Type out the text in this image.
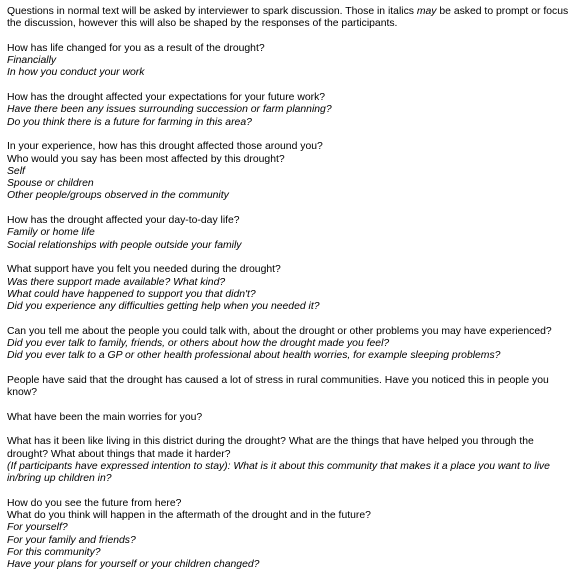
Questions in normal text will be asked by interviewer to spark discussion. Those in italics may be asked to prompt or focus the discussion, however this will also be shaped by the responses of the participants.

How has life changed for you as a result of the drought?
Financially
In how you conduct your work
How has the drought affected your expectations for your future work?
Have there been any issues surrounding succession or farm planning?
Do you think there is a future for farming in this area?
In your experience, how has this drought affected those around you?
Who would you say has been most affected by this drought?
Self
Spouse or children
Other people/groups observed in the community
How has the drought affected your day-to-day life?
Family or home life
Social relationships with people outside your family
What support have you felt you needed during the drought?
Was there support made available? What kind?
What could have happened to support you that didn't?
Did you experience any difficulties getting help when you needed it?
Can you tell me about the people you could talk with, about the drought or other problems you may have experienced?
Did you ever talk to family, friends, or others about how the drought made you feel?
Did you ever talk to a GP or other health professional about health worries, for example sleeping problems?
People have said that the drought has caused a lot of stress in rural communities. Have you noticed this in people you
know?
What have been the main worries for you?
What has it been like living in this district during the drought? What are the things that have helped you through the
drought? What about things that made it harder?
(If participants have expressed intention to stay): What is it about this community that makes it a place you want to live
in/bring up children in?
How do you see the future from here?
What do you think will happen in the aftermath of the drought and in the future?
For yourself?
For your family and friends?
For this community?
Have your plans for yourself or your children changed?
